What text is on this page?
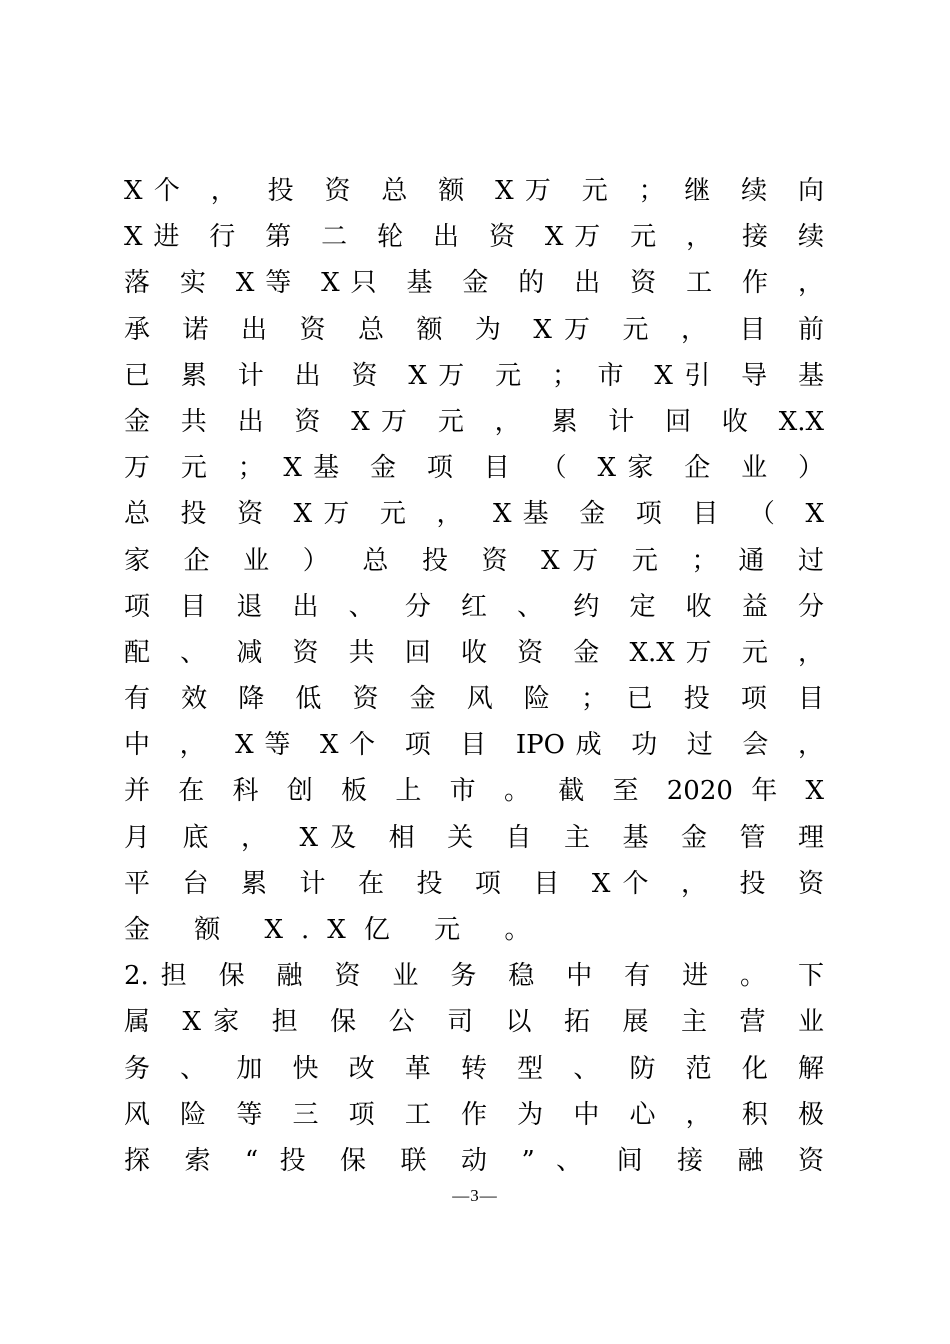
X个 ， 投 资 总 额 X万 元 ； 继 续 向
X进 行 第 二 轮 出 资 X万 元 ， 接 续
落 实 X等 X只 基 金 的 出 资 工 作 ，
承 诺 出 资 总 额 为 X万 元 ， 目 前
已 累 计 出 资 X万 元 ； 市 X引 导 基
金 共 出 资 X万 元 ， 累 计 回 收 X.X
万 元 ； X基 金 项 目 （ X家 企 业 ）
总 投 资 X万 元 ， X基 金 项 目 （ X
家 企 业 ） 总 投 资 X万 元 ； 通 过
项 目 退 出 、 分 红 、 约 定 收 益 分
配 、 减 资 共 回 收 资 金 X.X万 元 ，
有 效 降 低 资 金 风 险 ； 已 投 项 目
中 ， X等 X个 项 目 IPO成 功 过 会 ，
并 在 科 创 板 上 市 。 截 至 2020 年 X
月 底 ， X及 相 关 自 主 基 金 管 理
平 台 累 计 在 投 项 目 X个 ， 投 资
金 额 X.X亿 元 。
2.担 保 融 资 业 务 稳 中 有 进 。 下
属 X家 担 保 公 司 以 拓 展 主 营 业
务 、 加 快 改 革 转 型 、 防 范 化 解
风 险 等 三 项 工 作 为 中 心 ， 积 极
探 索 “ 投 保 联 动 ” 、 间 接 融 资
—3—
